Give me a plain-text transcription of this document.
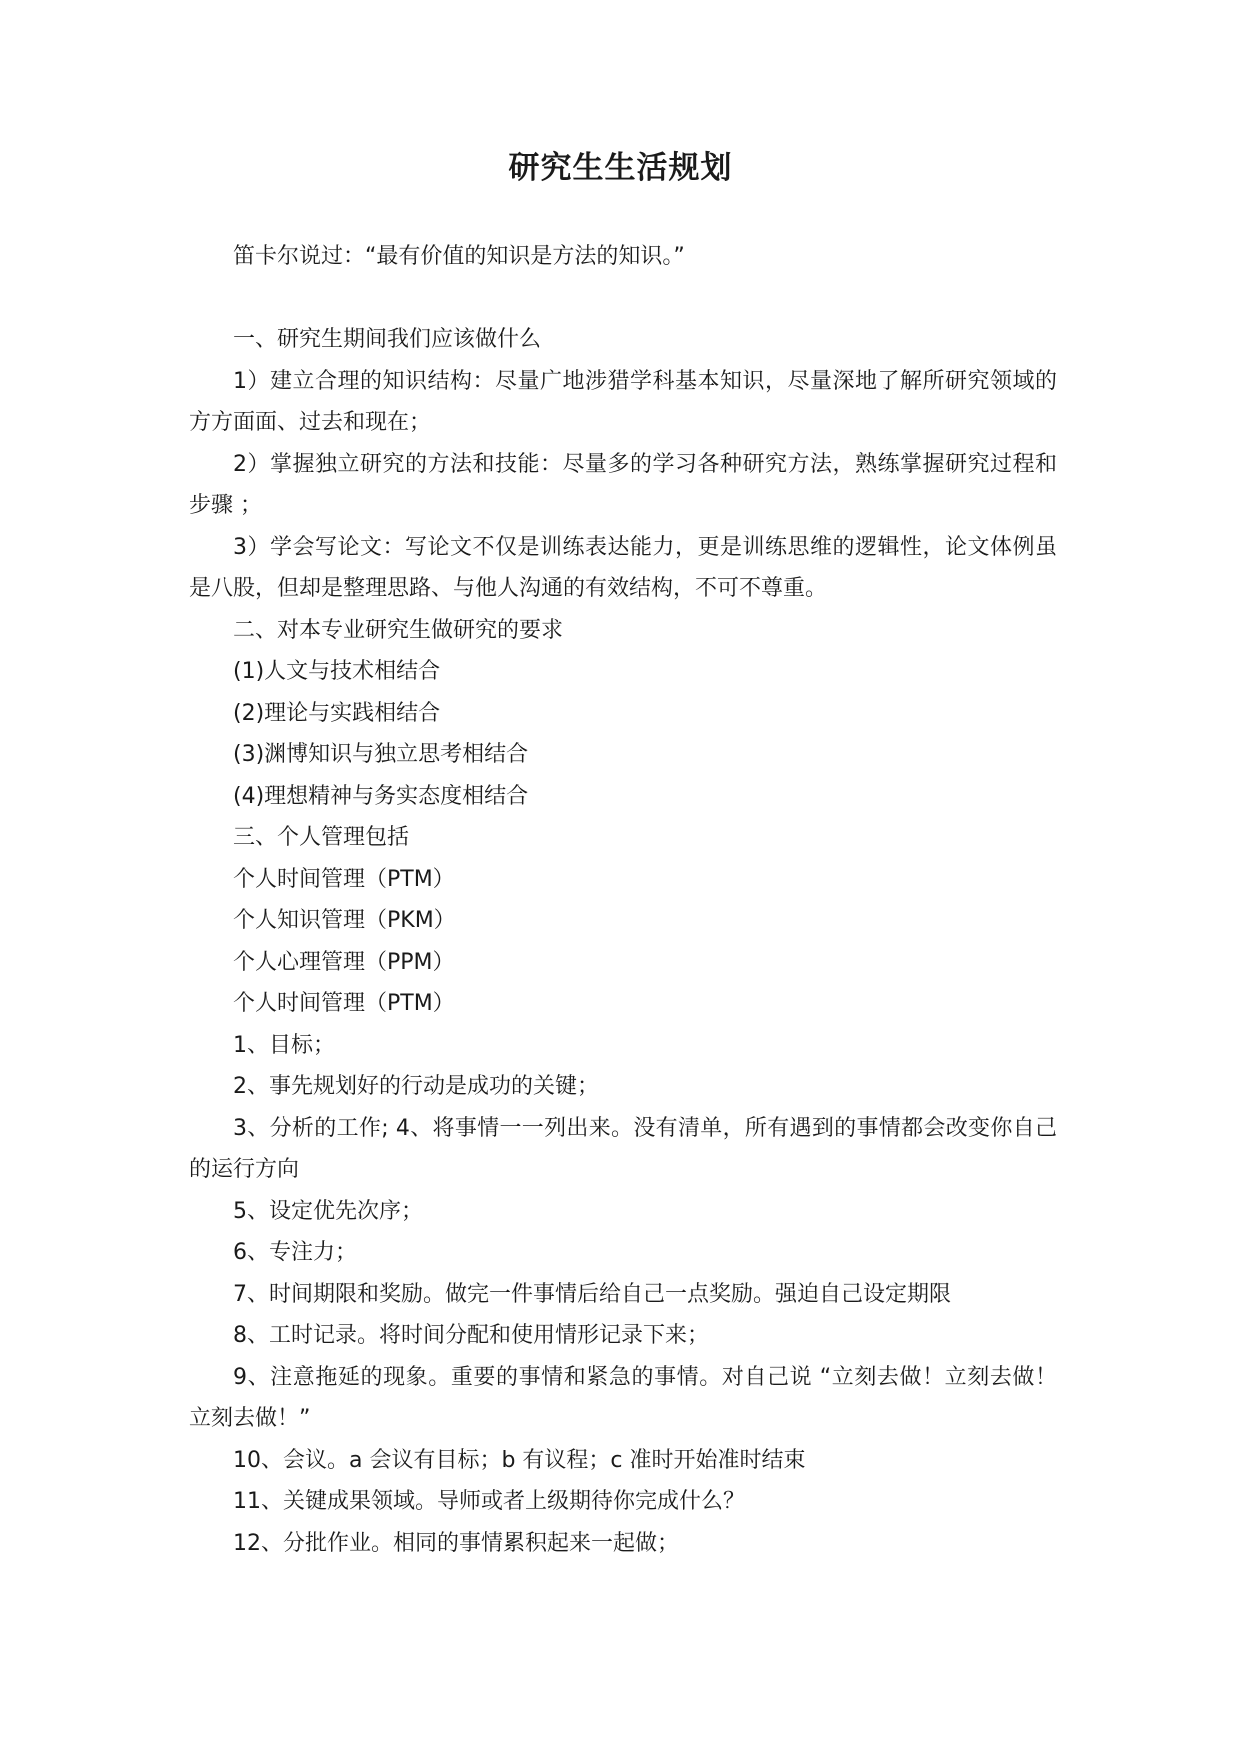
研究生生活规划

笛卡尔说过：“最有价值的知识是方法的知识。”

一、研究生期间我们应该做什么

1）建立合理的知识结构：尽量广地涉猎学科基本知识，尽量深地了解所研究领域的方方面面、过去和现在；

2）掌握独立研究的方法和技能：尽量多的学习各种研究方法，熟练掌握研究过程和步骤 ；

3）学会写论文：写论文不仅是训练表达能力，更是训练思维的逻辑性，论文体例虽是八股，但却是整理思路、与他人沟通的有效结构，不可不尊重。

二、对本专业研究生做研究的要求

(1)人文与技术相结合

(2)理论与实践相结合

(3)渊博知识与独立思考相结合

(4)理想精神与务实态度相结合

三、个人管理包括

个人时间管理（PTM）

个人知识管理（PKM）

个人心理管理（PPM）

个人时间管理（PTM）

1、目标；

2、事先规划好的行动是成功的关键；

3、分析的工作; 4、将事情一一列出来。没有清单，所有遇到的事情都会改变你自己的运行方向

5、设定优先次序；

6、专注力；

7、时间期限和奖励。做完一件事情后给自己一点奖励。强迫自己设定期限

8、工时记录。将时间分配和使用情形记录下来；

9、注意拖延的现象。重要的事情和紧急的事情。对自己说 “立刻去做！立刻去做！立刻去做！”

10、会议。a 会议有目标；b 有议程；c 准时开始准时结束

11、关键成果领域。导师或者上级期待你完成什么？

12、分批作业。相同的事情累积起来一起做；
